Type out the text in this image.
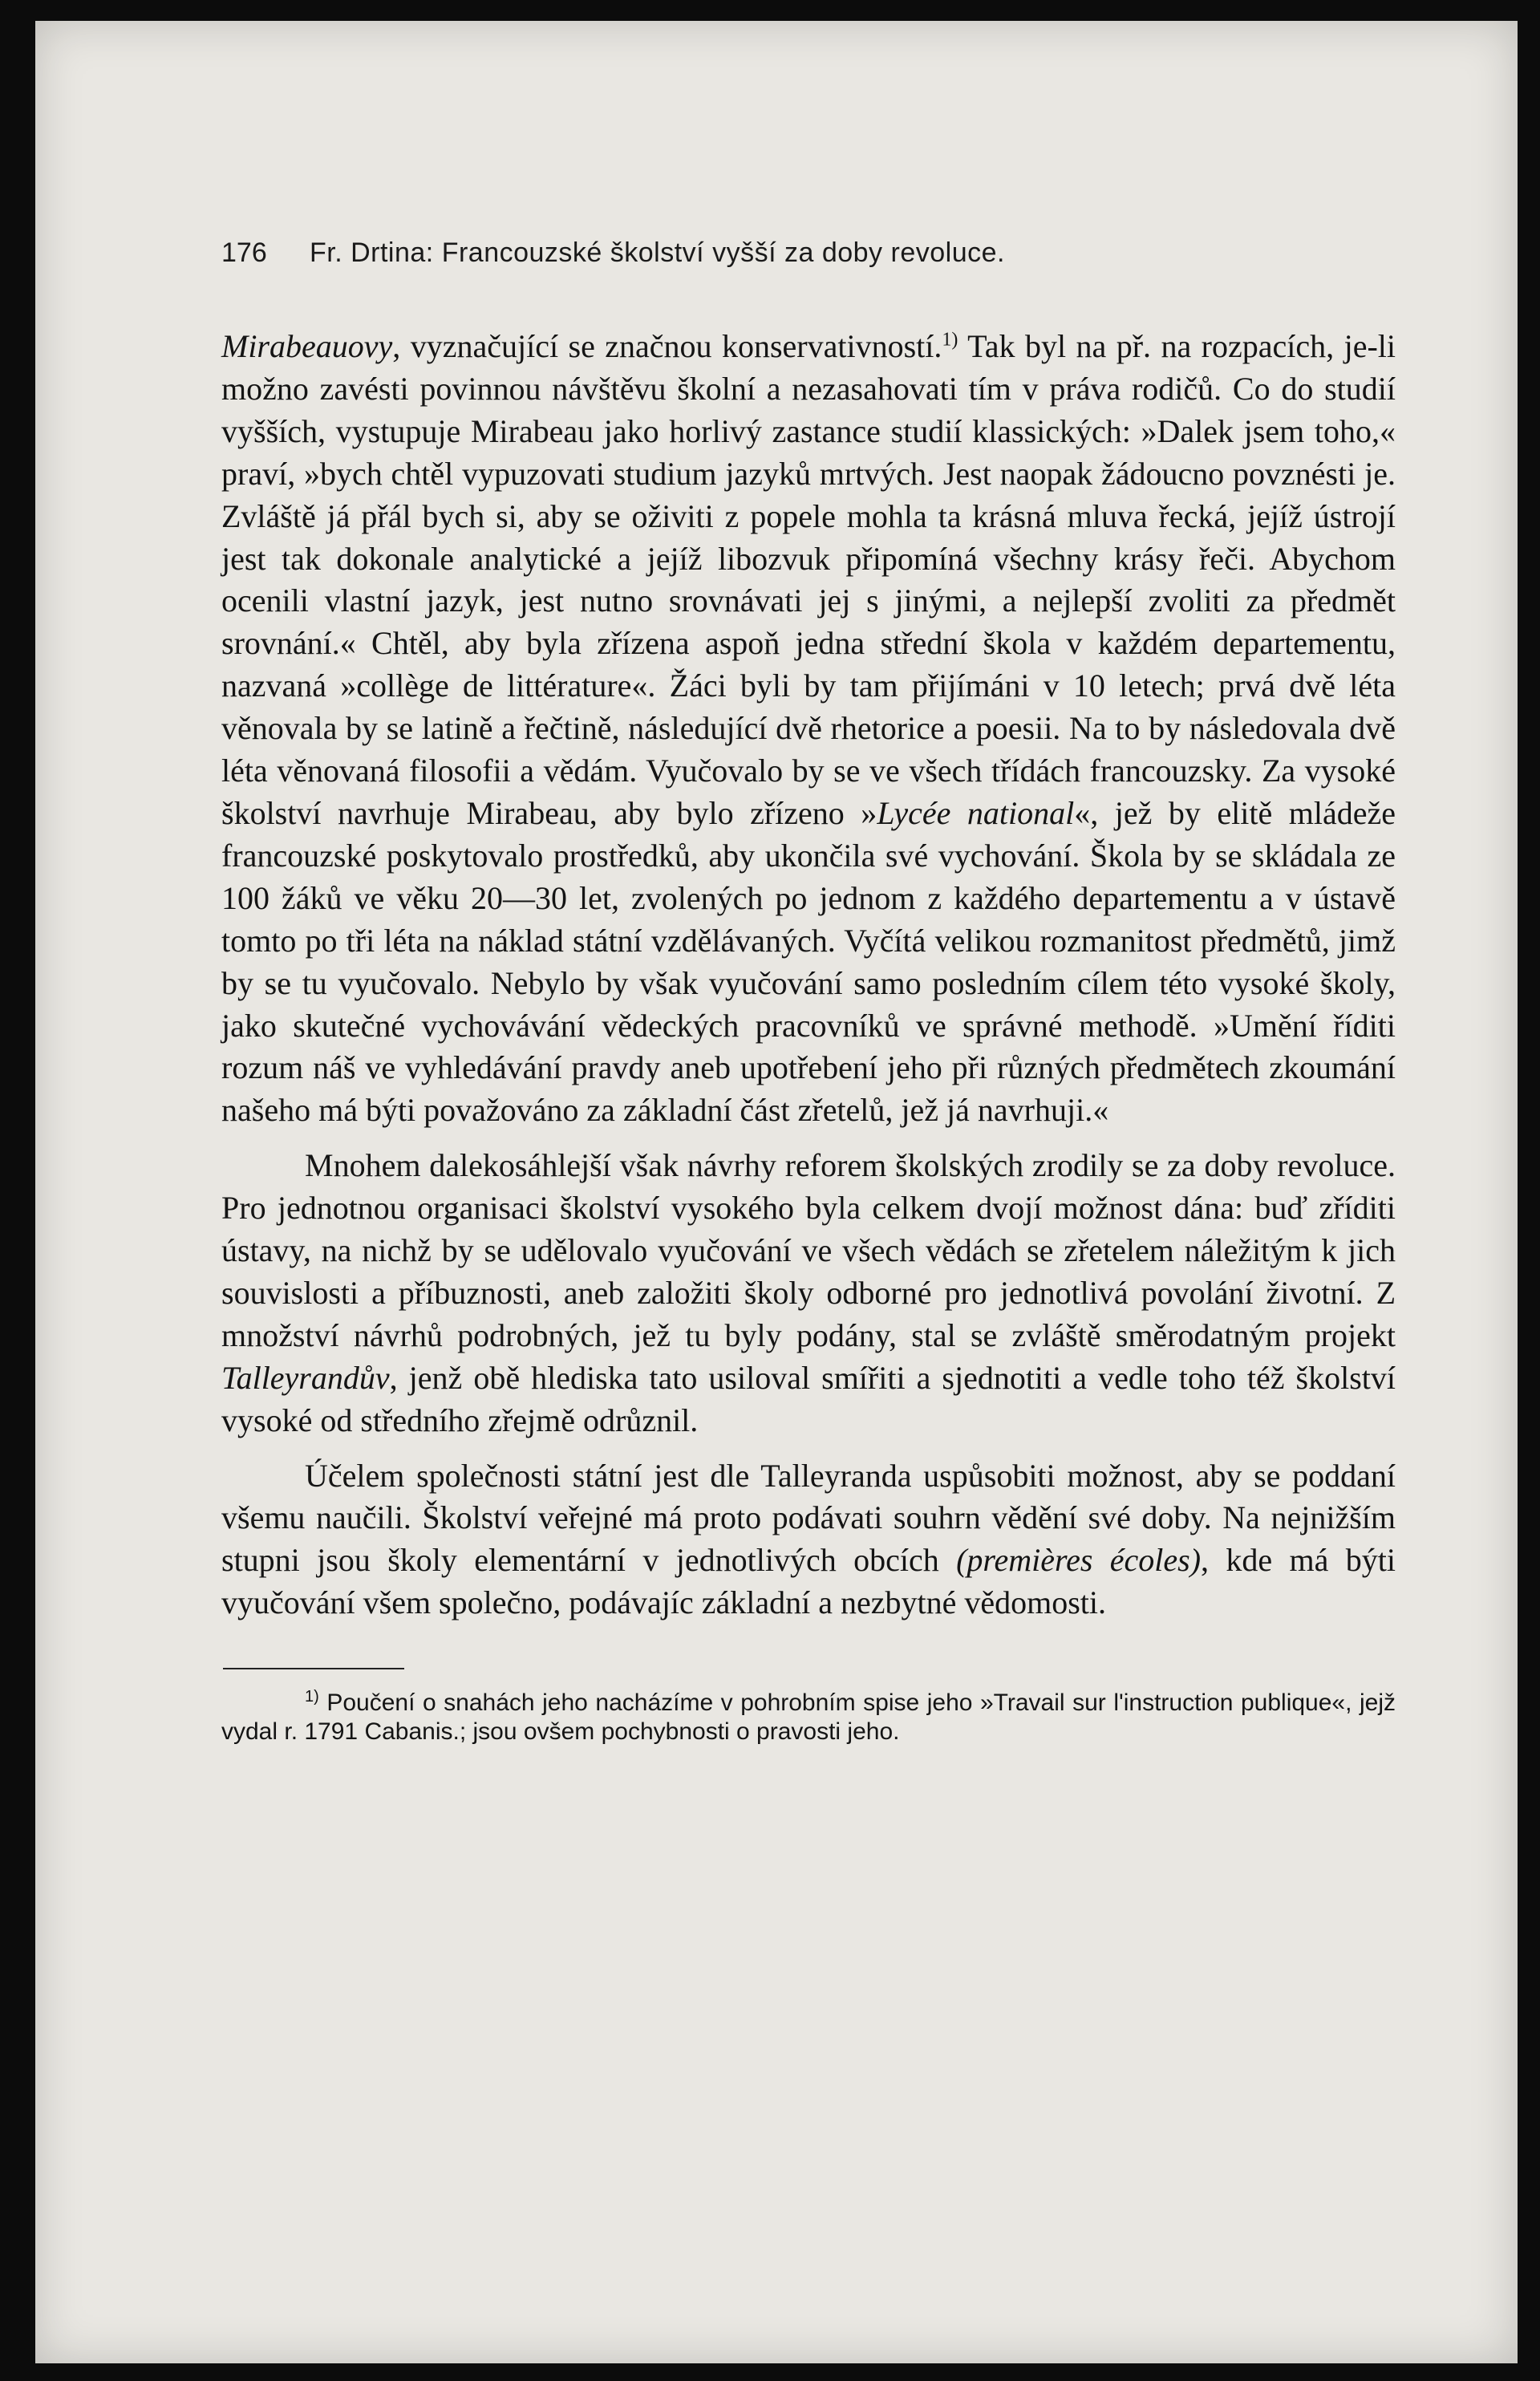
176	Fr. Drtina: Francouzské školství vyšší za doby revoluce.

Mirabeauovy, vyznačující se značnou konservativností.$^{1)}$ Tak byl na př. na rozpacích, je-li možno zavésti povinnou návštěvu školní a nezasahovati tím v práva rodičů. Co do studií vyšších, vystupuje Mirabeau jako horlivý zastance studií klassických: »Dalek jsem toho,« praví, »bych chtěl vypuzovati studium jazyků mrtvých. Jest naopak žádoucno povznésti je. Zvláště já přál bych si, aby se oživiti z popele mohla ta krásná mluva řecká, jejíž ústrojí jest tak dokonale analytické a jejíž libozvuk připomíná všechny krásy řeči. Abychom ocenili vlastní jazyk, jest nutno srovnávati jej s jinými, a nejlepší zvoliti za předmět srovnání.« Chtěl, aby byla zřízena aspoň jedna střední škola v každém departementu, nazvaná »collège de littérature«. Žáci byli by tam přijímáni v 10 letech; prvá dvě léta věnovala by se latině a řečtině, následující dvě rhetorice a poesii. Na to by následovala dvě léta věnovaná filosofii a vědám. Vyučovalo by se ve všech třídách francouzsky. Za vysoké školství navrhuje Mirabeau, aby bylo zřízeno »Lycée national«, jež by elitě mládeže francouzské poskytovalo prostředků, aby ukončila své vychování. Škola by se skládala ze 100 žáků ve věku 20—30 let, zvolených po jednom z každého departementu a v ústavě tomto po tři léta na náklad státní vzdělávaných. Vyčítá velikou rozmanitost předmětů, jimž by se tu vyučovalo. Nebylo by však vyučování samo posledním cílem této vysoké školy, jako skutečné vychovávání vědeckých pracovníků ve správné methodě. »Umění říditi rozum náš ve vyhledávání pravdy aneb upotřebení jeho při různých předmětech zkoumání našeho má býti považováno za základní část zřetelů, jež já navrhuji.«

Mnohem dalekosáhlejší však návrhy reforem školských zrodily se za doby revoluce. Pro jednotnou organisaci školství vysokého byla celkem dvojí možnost dána: buď zříditi ústavy, na nichž by se udělovalo vyučování ve všech vědách se zřetelem náležitým k jich souvislosti a příbuznosti, aneb založiti školy odborné pro jednotlivá povolání životní. Z množství návrhů podrobných, jež tu byly podány, stal se zvláště směrodatným projekt Talleyrandův, jenž obě hlediska tato usiloval smířiti a sjednotiti a vedle toho též školství vysoké od středního zřejmě odrůznil.

Účelem společnosti státní jest dle Talleyranda uspůsobiti možnost, aby se poddaní všemu naučili. Školství veřejné má proto podávati souhrn vědění své doby. Na nejnižším stupni jsou školy elementární v jednotlivých obcích (premières écoles), kde má býti vyučování všem společno, podávajíc základní a nezbytné vědomosti.

$^{1)}$ Poučení o snahách jeho nacházíme v pohrobním spise jeho »Travail sur l'instruction publique«, jejž vydal r. 1791 Cabanis.; jsou ovšem pochybnosti o pravosti jeho.
